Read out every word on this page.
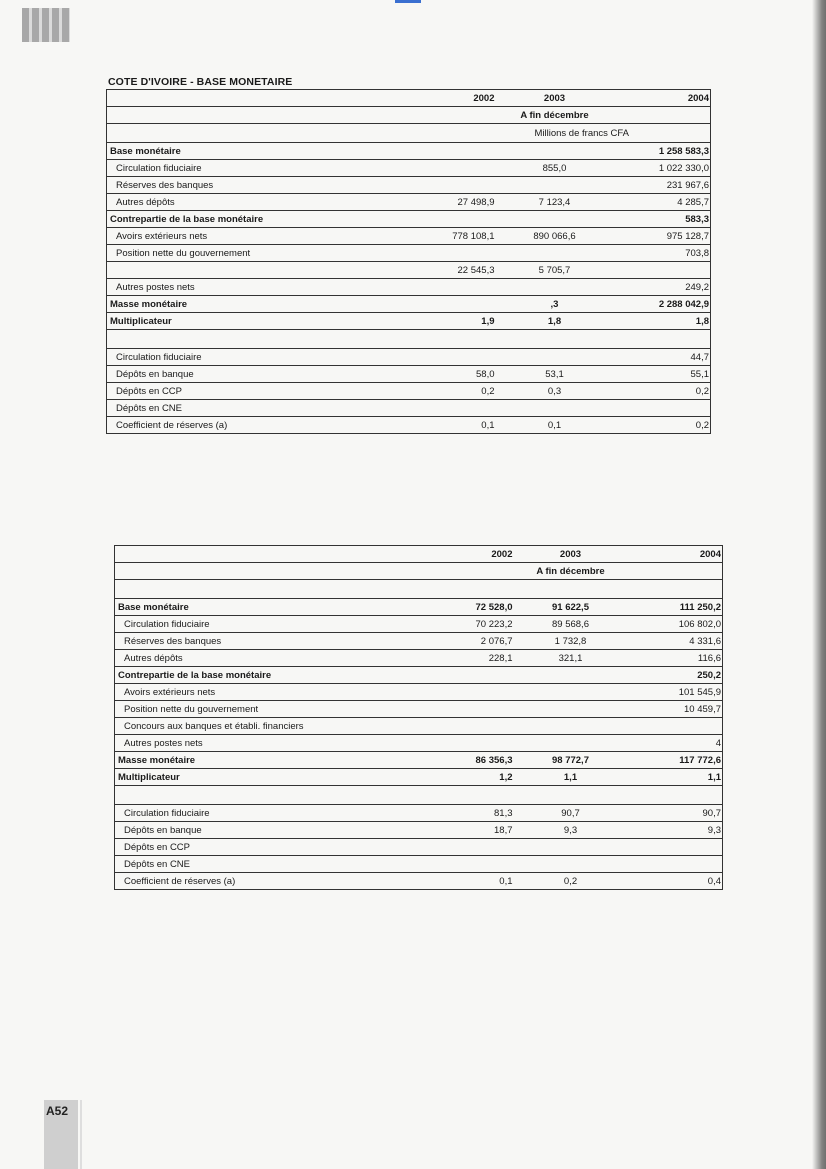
COTE D'IVOIRE - BASE MONETAIRE
	2002	2003	2004
		A fin décembre	
		Millions de francs CFA	
Base monétaire			1 258 583,3
Circulation fiduciaire		855,0	1 022 330,0
Réserves des banques			231 967,6
Autres dépôts	27 498,9	7 123,4	4 285,7
Contrepartie de la base monétaire			583,3
Avoirs extérieurs nets	778 108,1	890 066,6	975 128,7
Position nette du gouvernement			703,8
	22 545,3	5 705,7	
Autres postes nets			249,2
Masse monétaire		,3	2 288 042,9
Multiplicateur	1,9	1,8	1,8

Circulation fiduciaire			44,7
Dépôts en banque	58,0	53,1	55,1
Dépôts en CCP	0,2	0,3	0,2
Dépôts en CNE			
Coefficient de réserves (a)	0,1	0,1	0,2
	2002	2003	2004
		A fin décembre	

Base monétaire	72 528,0	91 622,5	111 250,2
Circulation fiduciaire	70 223,2	89 568,6	106 802,0
Réserves des banques	2 076,7	1 732,8	4 331,6
Autres dépôts	228,1	321,1	116,6
Contrepartie de la base monétaire			250,2
Avoirs extérieurs nets			101 545,9
Position nette du gouvernement			10 459,7
Concours aux banques et établi. financiers			
Autres postes nets			4
Masse monétaire	86 356,3	98 772,7	117 772,6
Multiplicateur	1,2	1,1	1,1

Circulation fiduciaire	81,3	90,7	90,7
Dépôts en banque	18,7	9,3	9,3
Dépôts en CCP			
Dépôts en CNE			
Coefficient de réserves (a)	0,1	0,2	0,4
A52
